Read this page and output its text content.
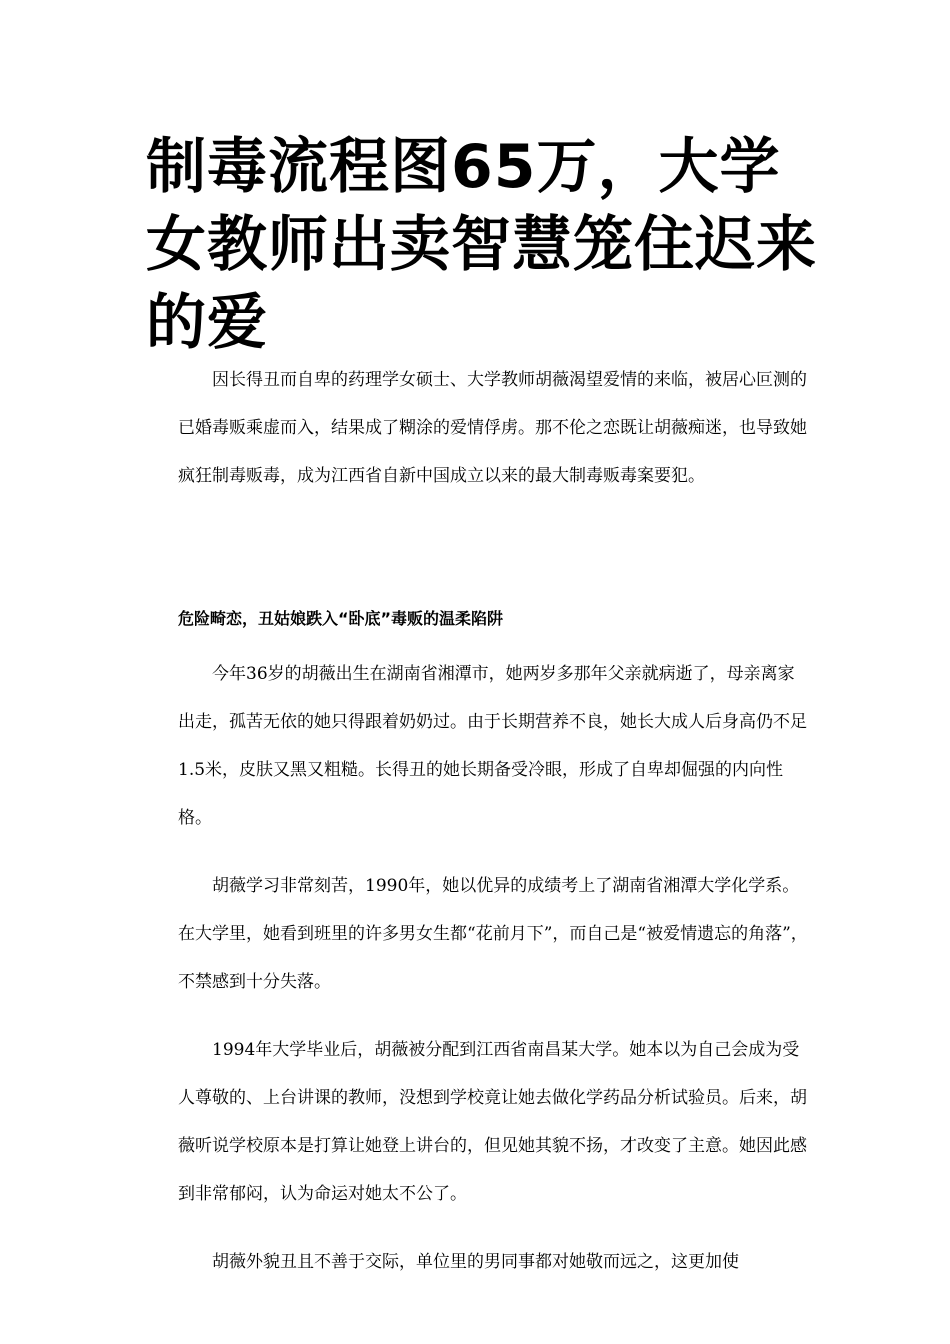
制毒流程图65万，大学女教师出卖智慧笼住迟来的爱

因长得丑而自卑的药理学女硕士、大学教师胡薇渴望爱情的来临，被居心叵测的已婚毒贩乘虚而入，结果成了糊涂的爱情俘虏。那不伦之恋既让胡薇痴迷，也导致她疯狂制毒贩毒，成为江西省自新中国成立以来的最大制毒贩毒案要犯。

危险畸恋，丑姑娘跌入“卧底”毒贩的温柔陷阱

今年36岁的胡薇出生在湖南省湘潭市，她两岁多那年父亲就病逝了，母亲离家出走，孤苦无依的她只得跟着奶奶过。由于长期营养不良，她长大成人后身高仍不足1.5米，皮肤又黑又粗糙。长得丑的她长期备受冷眼，形成了自卑却倔强的内向性格。

胡薇学习非常刻苦，1990年，她以优异的成绩考上了湖南省湘潭大学化学系。在大学里，她看到班里的许多男女生都“花前月下”，而自己是“被爱情遗忘的角落”，不禁感到十分失落。

1994年大学毕业后，胡薇被分配到江西省南昌某大学。她本以为自己会成为受人尊敬的、上台讲课的教师，没想到学校竟让她去做化学药品分析试验员。后来，胡薇听说学校原本是打算让她登上讲台的，但见她其貌不扬，才改变了主意。她因此感到非常郁闷，认为命运对她太不公了。

胡薇外貌丑且不善于交际，单位里的男同事都对她敬而远之，这更加使
